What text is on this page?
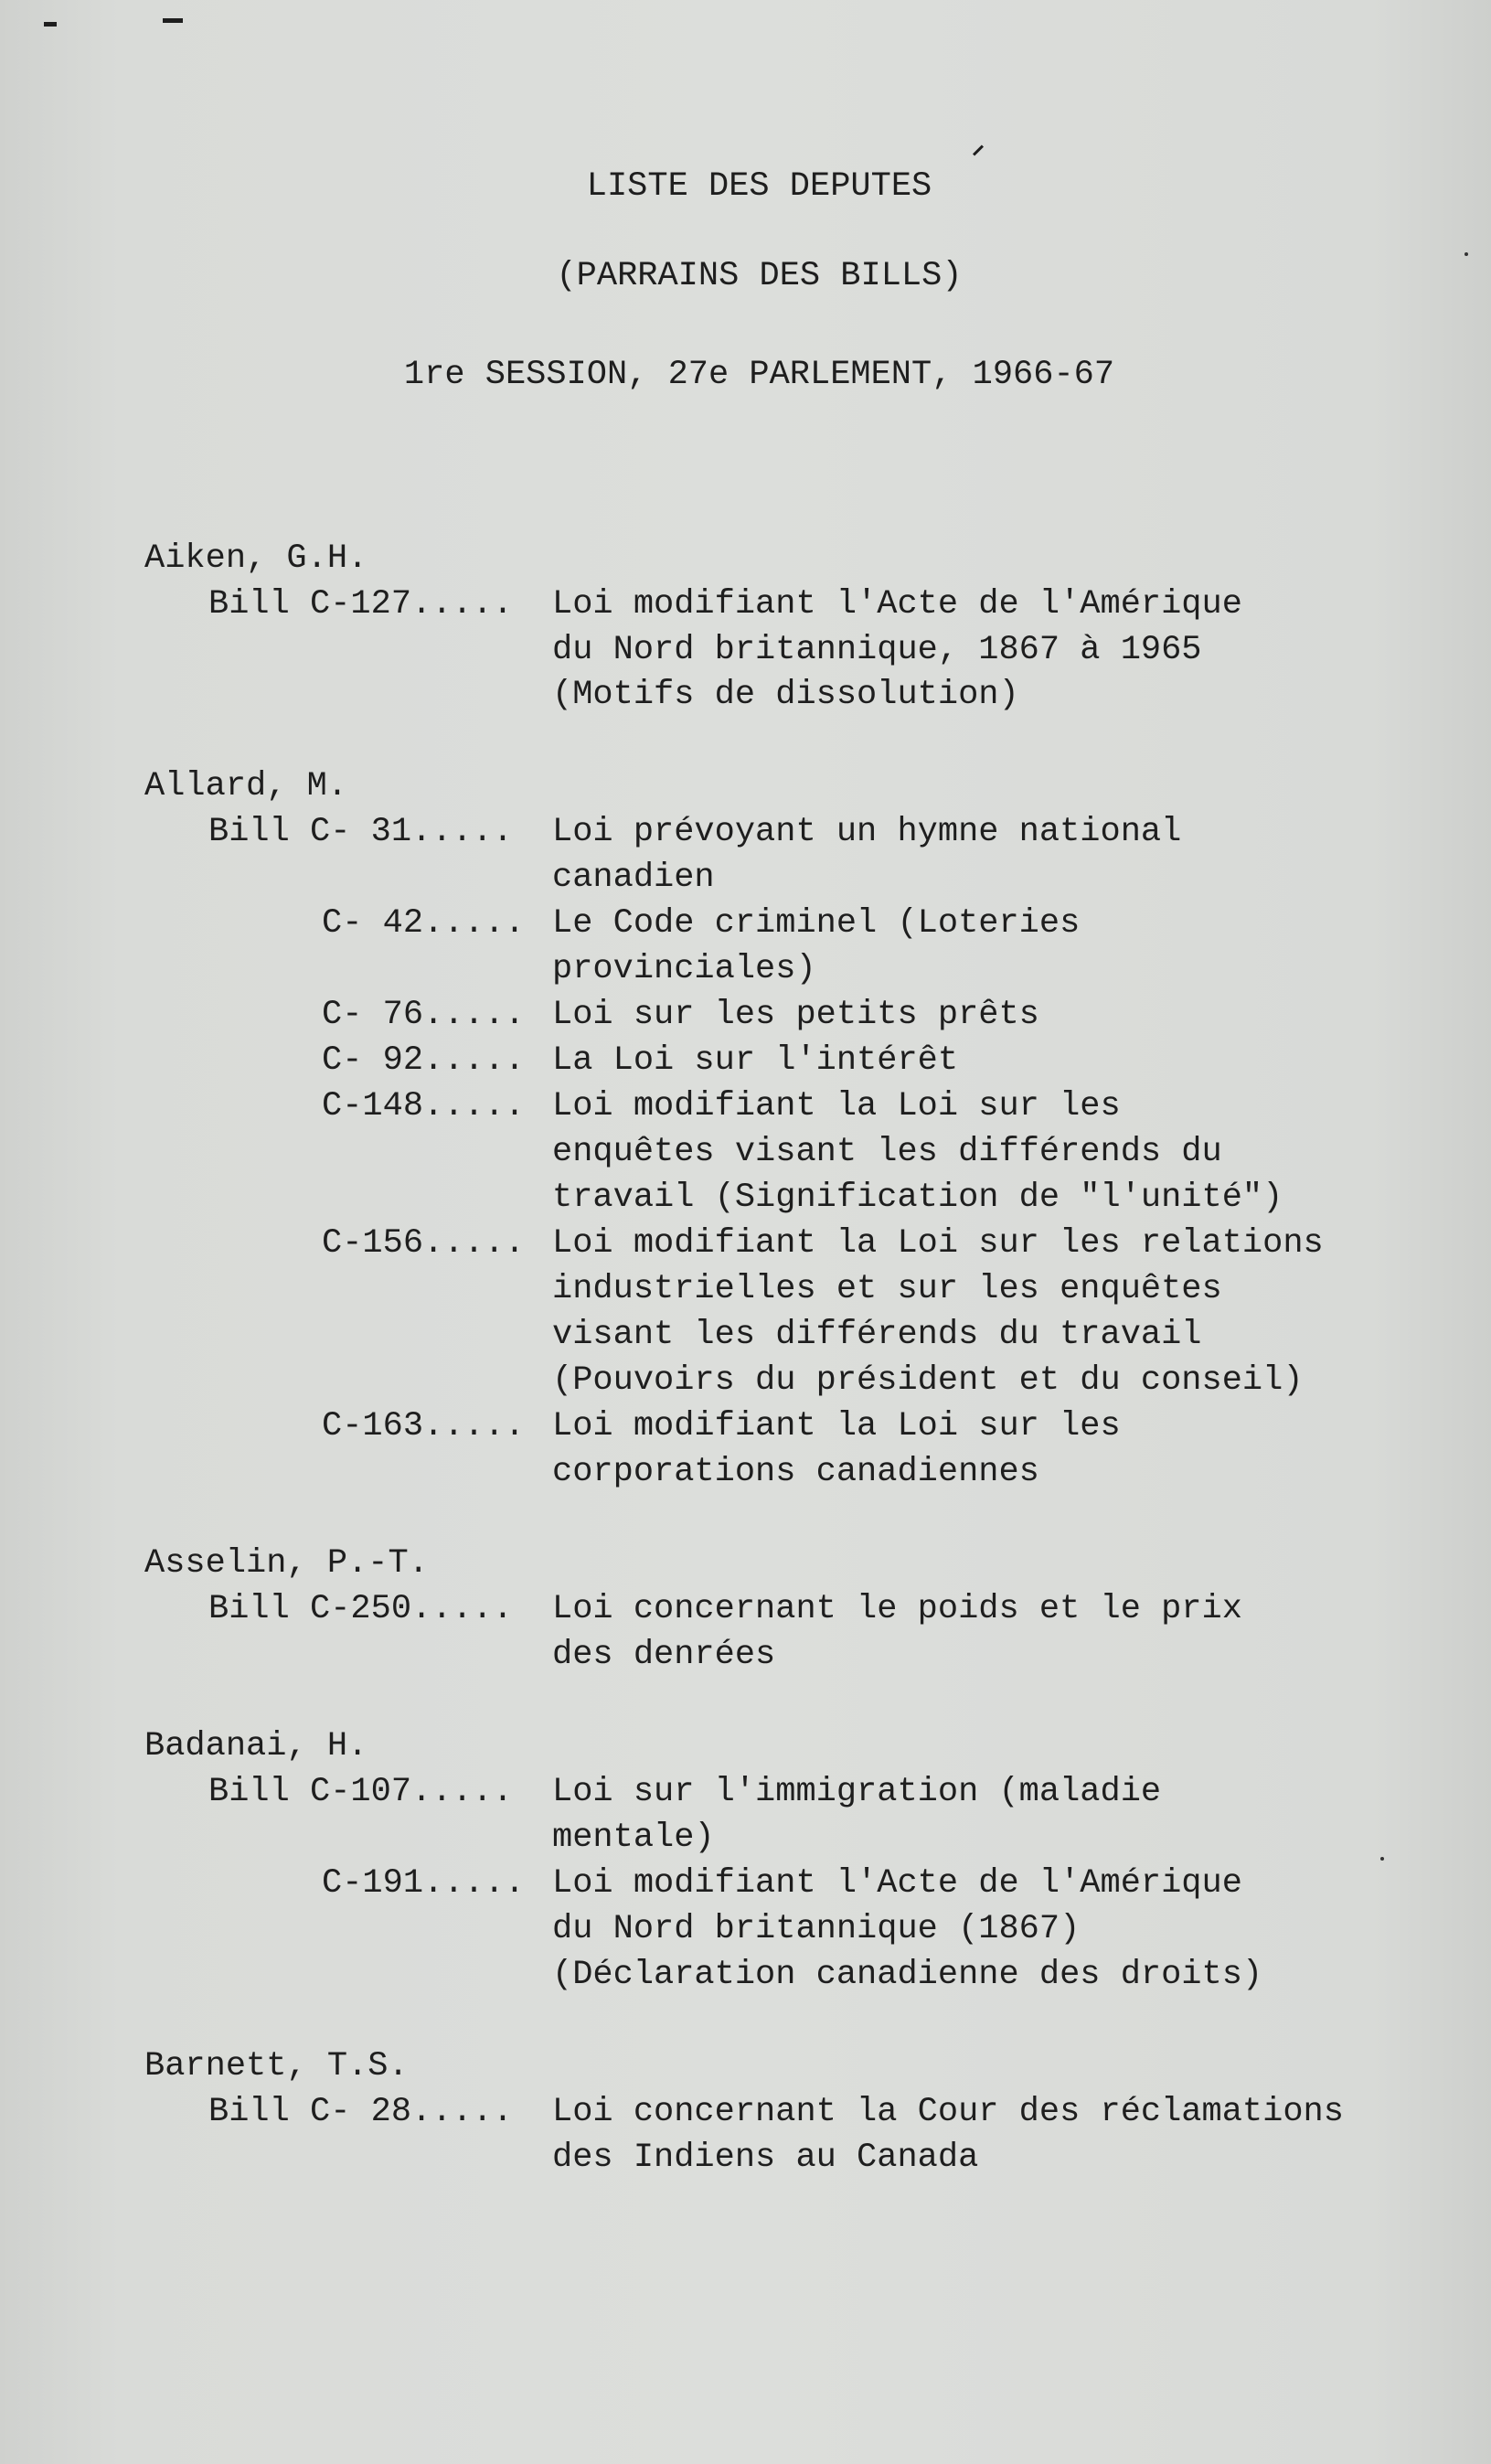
LISTE DES DEPUTES
(PARRAINS DES BILLS)
1re SESSION, 27e PARLEMENT, 1966-67
Aiken, G.H.
Bill C-127..... Loi modifiant l'Acte de l'Amérique
du Nord britannique, 1867 à 1965
(Motifs de dissolution)
Allard, M.
Bill C- 31..... Loi prévoyant un hymne national
canadien
C- 42..... Le Code criminel (Loteries
provinciales)
C- 76..... Loi sur les petits prêts
C- 92..... La Loi sur l'intérêt
C-148..... Loi modifiant la Loi sur les
enquêtes visant les différends du
travail (Signification de "l'unité")
C-156..... Loi modifiant la Loi sur les relations
industrielles et sur les enquêtes
visant les différends du travail
(Pouvoirs du président et du conseil)
C-163..... Loi modifiant la Loi sur les
corporations canadiennes
Asselin, P.-T.
Bill C-250..... Loi concernant le poids et le prix
des denrées
Badanai, H.
Bill C-107..... Loi sur l'immigration (maladie
mentale)
C-191..... Loi modifiant l'Acte de l'Amérique
du Nord britannique (1867)
(Déclaration canadienne des droits)
Barnett, T.S.
Bill C- 28..... Loi concernant la Cour des réclamations
des Indiens au Canada
